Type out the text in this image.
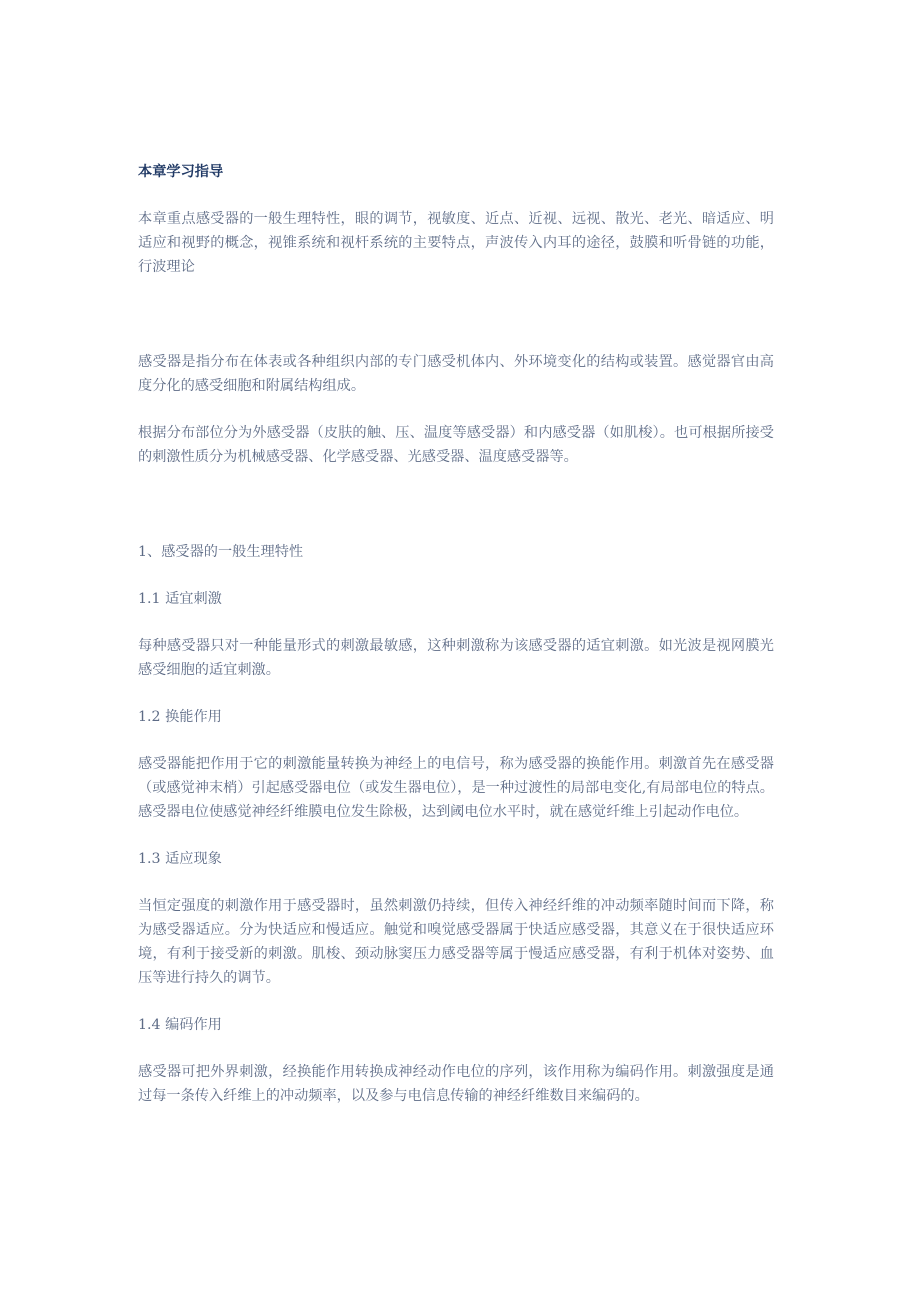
本章学习指导

本章重点感受器的一般生理特性，眼的调节，视敏度、近点、近视、远视、散光、老光、暗适应、明适应和视野的概念，视锥系统和视杆系统的主要特点，声波传入内耳的途径，鼓膜和听骨链的功能，行波理论

感受器是指分布在体表或各种组织内部的专门感受机体内、外环境变化的结构或装置。感觉器官由高度分化的感受细胞和附属结构组成。

根据分布部位分为外感受器（皮肤的触、压、温度等感受器）和内感受器（如肌梭）。也可根据所接受的刺激性质分为机械感受器、化学感受器、光感受器、温度感受器等。

1、感受器的一般生理特性

1.1 适宜刺激

每种感受器只对一种能量形式的刺激最敏感，这种刺激称为该感受器的适宜刺激。如光波是视网膜光感受细胞的适宜刺激。

1.2 换能作用

感受器能把作用于它的刺激能量转换为神经上的电信号，称为感受器的换能作用。刺激首先在感受器（或感觉神末梢）引起感受器电位（或发生器电位），是一种过渡性的局部电变化,有局部电位的特点。感受器电位使感觉神经纤维膜电位发生除极，达到阈电位水平时，就在感觉纤维上引起动作电位。

1.3 适应现象

当恒定强度的刺激作用于感受器时，虽然刺激仍持续，但传入神经纤维的冲动频率随时间而下降，称为感受器适应。分为快适应和慢适应。触觉和嗅觉感受器属于快适应感受器，其意义在于很快适应环境，有利于接受新的刺激。肌梭、颈动脉窦压力感受器等属于慢适应感受器，有利于机体对姿势、血压等进行持久的调节。

1.4 编码作用

感受器可把外界刺激，经换能作用转换成神经动作电位的序列，该作用称为编码作用。刺激强度是通过每一条传入纤维上的冲动频率，以及参与电信息传输的神经纤维数目来编码的。
